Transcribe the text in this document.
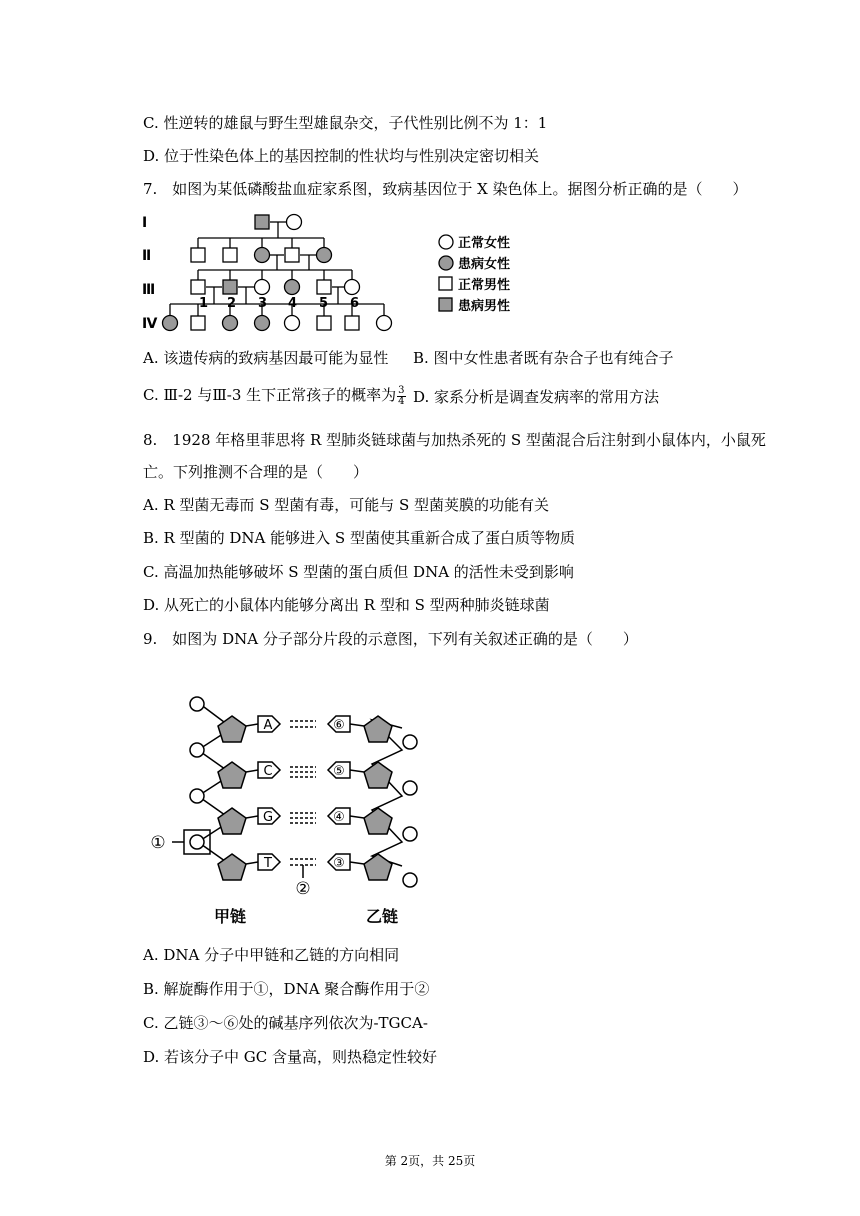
C. 性逆转的雄鼠与野生型雄鼠杂交，子代性别比例不为 1：1
D. 位于性染色体上的基因控制的性状均与性别决定密切相关
7.　如图为某低磷酸盐血症家系图，致病基因位于 X 染色体上。据图分析正确的是（　　）
Ⅰ
Ⅱ
Ⅲ
Ⅳ
1 2 3 4 5 6
正常女性
患病女性
正常男性
患病男性
A. 该遗传病的致病基因最可能为显性 B. 图中女性患者既有杂合子也有纯合子
C. Ⅲ-2 与Ⅲ-3 生下正常孩子的概率为 $\frac{3}{4} D$. 家系分析是调查发病率的常用方法
8.　1928 年格里菲思将 R 型肺炎链球菌与加热杀死的 S 型菌混合后注射到小鼠体内，小鼠死
亡。下列推测不合理的是（　　）
A. R 型菌无毒而 S 型菌有毒，可能与 S 型菌荚膜的功能有关
B. R 型菌的 DNA 能够进入 S 型菌使其重新合成了蛋白质等物质
C. 高温加热能够破坏 S 型菌的蛋白质但 DNA 的活性未受到影响
D. 从死亡的小鼠体内能够分离出 R 型和 S 型两种肺炎链球菌
9.　如图为 DNA 分子部分片段的示意图，下列有关叙述正确的是（　　）
A
C
G
T
⑥
⑤
④
③
①
②
甲链	乙链
A. DNA 分子中甲链和乙链的方向相同
B. 解旋酶作用于①，DNA 聚合酶作用于②
C. 乙链③～⑥处的碱基序列依次为-TGCA-
D. 若该分子中 GC 含量高，则热稳定性较好
第 2页，共 25页
